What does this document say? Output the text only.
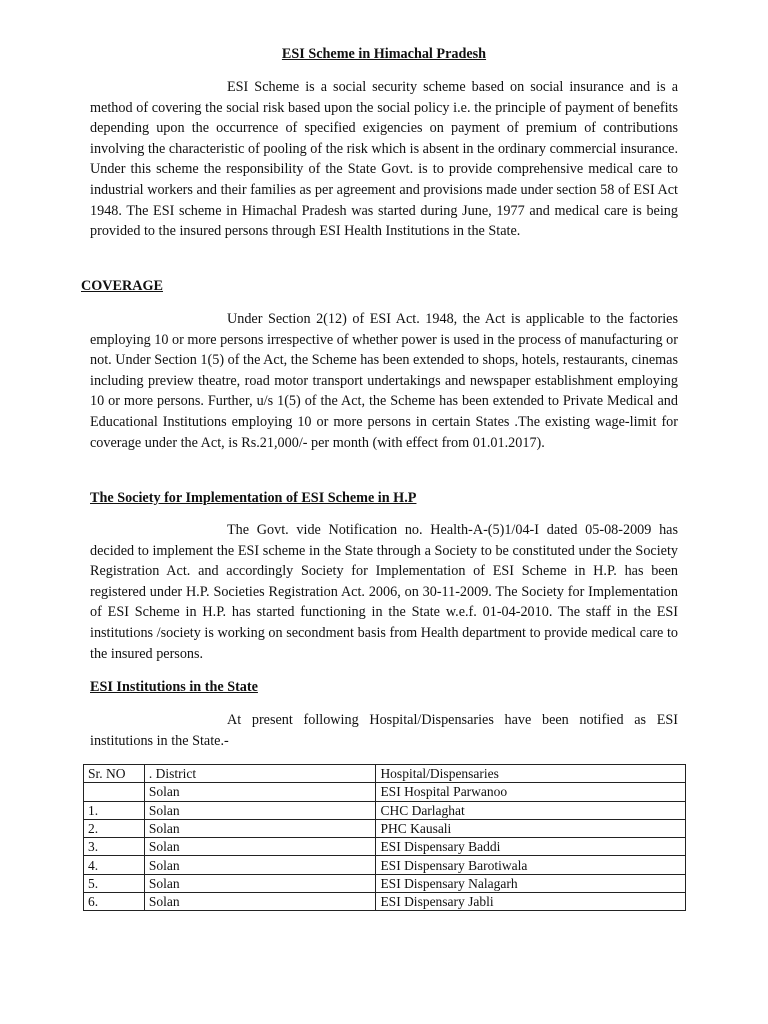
ESI Scheme in Himachal Pradesh

ESI Scheme is a social security scheme based on social insurance and is a method of covering the social risk based upon the social policy i.e. the principle of payment of benefits depending upon the occurrence of specified exigencies on payment of premium of contributions involving the characteristic of pooling of the risk which is absent in the ordinary commercial insurance. Under this scheme the responsibility of the State Govt. is to provide comprehensive medical care to industrial workers and their families as per agreement and provisions made under section 58 of ESI Act 1948. The ESI scheme in Himachal Pradesh was started during June, 1977 and medical care is being provided to the insured persons through ESI Health Institutions in the State.

COVERAGE

Under Section 2(12) of ESI Act. 1948, the Act is applicable to the factories employing 10 or more persons irrespective of whether power is used in the process of manufacturing or not. Under Section 1(5) of the Act, the Scheme has been extended to shops, hotels, restaurants, cinemas including preview theatre, road motor transport undertakings and newspaper establishment employing 10 or more persons. Further, u/s 1(5) of the Act, the Scheme has been extended to Private Medical and Educational Institutions employing 10 or more persons in certain States .The existing wage-limit for coverage under the Act, is Rs.21,000/- per month (with effect from 01.01.2017).

The Society for Implementation of ESI Scheme in H.P

The Govt. vide Notification no. Health-A-(5)1/04-I dated 05-08-2009 has decided to implement the ESI scheme in the State through a Society to be constituted under the Society Registration Act. and accordingly Society for Implementation of ESI Scheme in H.P. has been registered under H.P. Societies Registration Act. 2006, on 30-11-2009. The Society for Implementation of ESI Scheme in H.P. has started functioning in the State w.e.f. 01-04-2010. The staff in the ESI institutions /society is working on secondment basis from Health department to provide medical care to the insured persons.

ESI Institutions in the State

At present following Hospital/Dispensaries have been notified as ESI institutions in the State.-

Sr. NO	. District	Hospital/Dispensaries
	Solan	ESI Hospital Parwanoo
1.	Solan	CHC Darlaghat
2.	Solan	PHC Kausali
3.	Solan	ESI Dispensary Baddi
4.	Solan	ESI Dispensary Barotiwala
5.	Solan	ESI Dispensary Nalagarh
6.	Solan	ESI Dispensary Jabli
